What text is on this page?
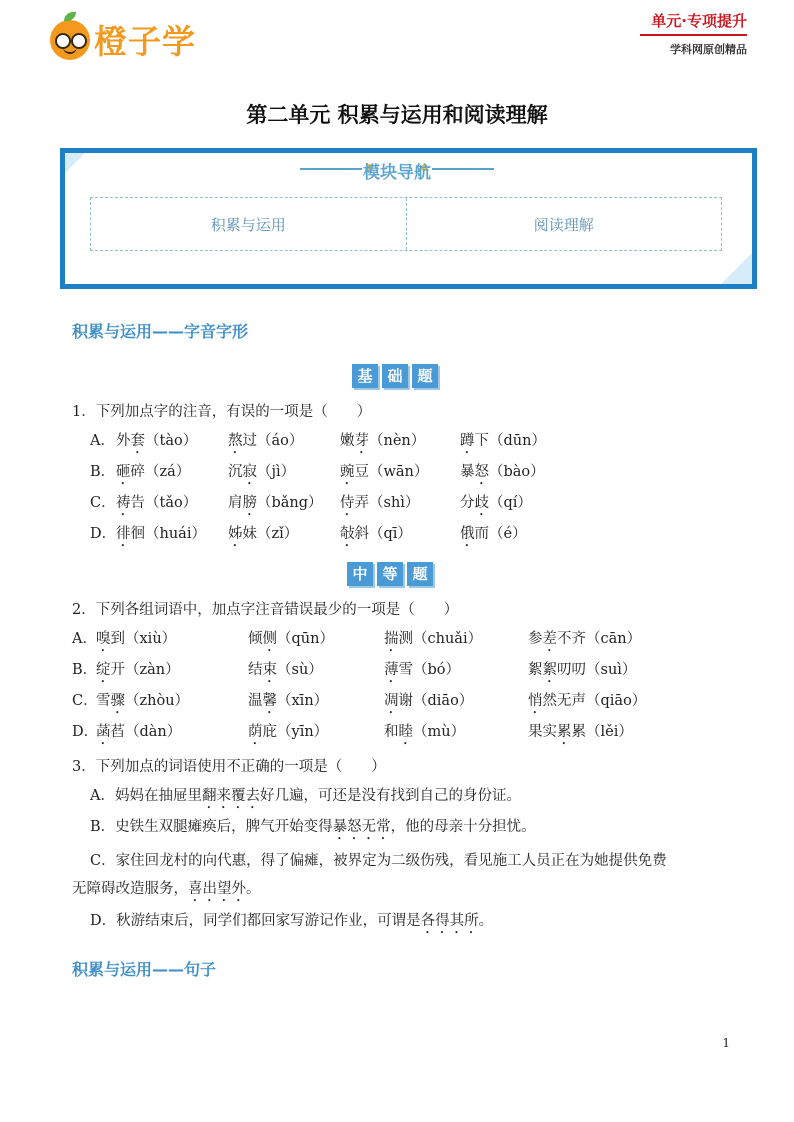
橙子学
单元·专项提升
学科网原创精品
第二单元 积累与运用和阅读理解
模块导航
积累与运用	阅读理解
积累与运用——字音字形
基 础 题
1．下列加点字的注音，有误的一项是（　　）
A． 外套（tào） 熬过（áo）	嫩芽（nèn） 蹲下（dūn）
B． 砸碎（zá）	沉寂（jì）	豌豆（wān） 暴怒（bào）
C． 祷告（tǎo） 肩膀（bǎng） 侍弄（shì）	分歧（qí）
D． 徘徊（huái） 姊妹（zǐ）	敧斜（qī）	俄而（é）
中 等 题
2．下列各组词语中，加点字注音错误最少的一项是（　　）
A． 嗅到（xiù）	倾侧（qūn）	揣测（chuǎi）	参差不齐（cān）
B．
绽开（zàn）	结束（sù）	薄雪（bó）	絮絮叨叨（suì）
C．
雪骤（zhòu）	温馨（xīn）	凋谢（diāo）	悄然无声（qiāo）
D．
菡萏（dàn）	荫庇（yīn）	和睦（mù）	果实累累（lěi）
3．下列加点的词语使用不正确的一项是（　　）
A．妈妈在抽屉里翻来覆去好几遍，可还是没有找到自己的身份证。
B．史铁生双腿瘫痪后，脾气开始变得暴怒无常，他的母亲十分担忧。
C．家住回龙村的向代惠，得了偏瘫，被界定为二级伤残，看见施工人员正在为她提供免费
无障碍改造服务，喜出望外。
D．秋游结束后，同学们都回家写游记作业，可谓是各得其所。
积累与运用——句子
1
